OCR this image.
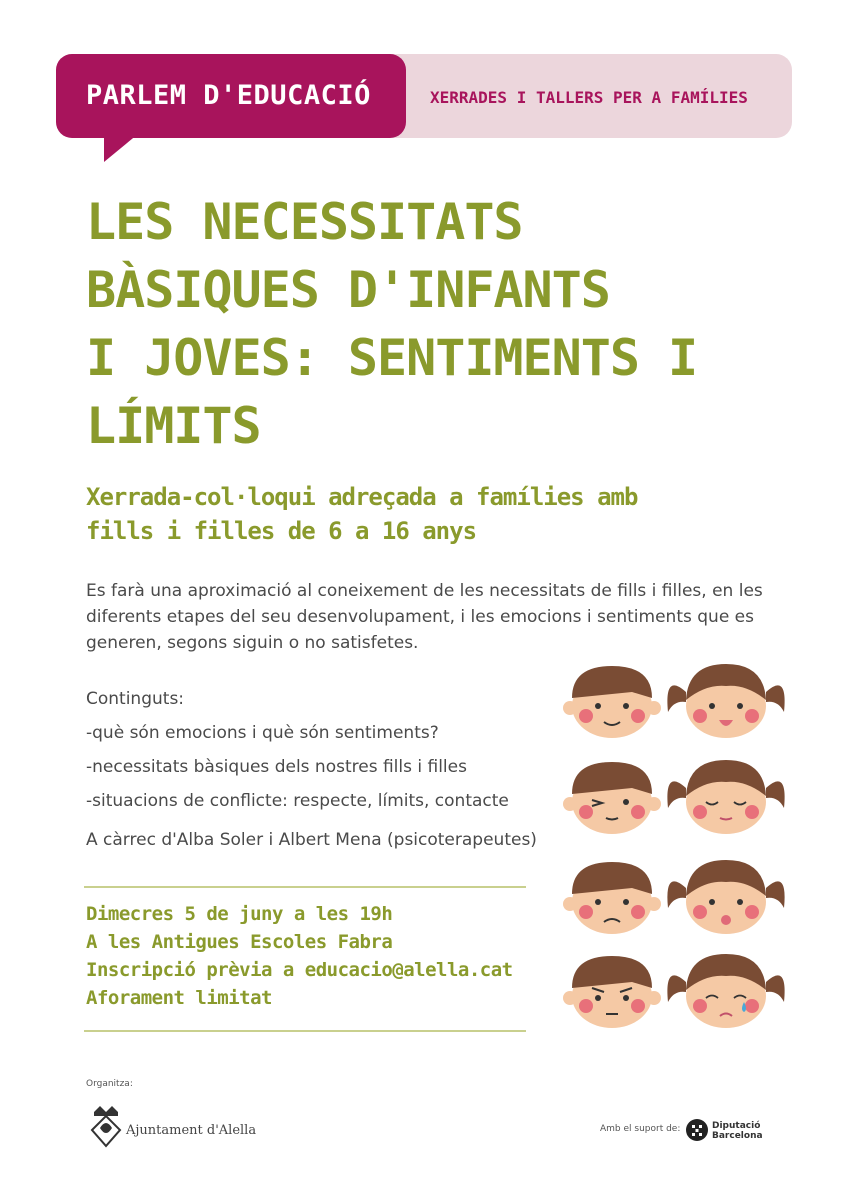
PARLEM D'EDUCACIÓ	XERRADES I TALLERS PER A FAMÍLIES
LES NECESSITATS
BÀSIQUES D'INFANTS
I JOVES: SENTIMENTS I
LÍMITS
Xerrada-col·loqui adreçada a famílies amb
fills i filles de 6 a 16 anys
Es farà una aproximació al coneixement de les necessitats de fills i filles, en les
diferents etapes del seu desenvolupament, i les emocions i sentiments que es
generen, segons siguin o no satisfetes.
Continguts:
-què són emocions i què són sentiments?
-necessitats bàsiques dels nostres fills i filles
-situacions de conflicte: respecte, límits, contacte
A càrrec d'Alba Soler i Albert Mena (psicoterapeutes)
Dimecres 5 de juny a les 19h
A les Antigues Escoles Fabra
Inscripció prèvia a educacio@alella.cat
Aforament limitat
Organitza:
Ajuntament d'Alella	Amb el suport de:	Diputació
Barcelona
